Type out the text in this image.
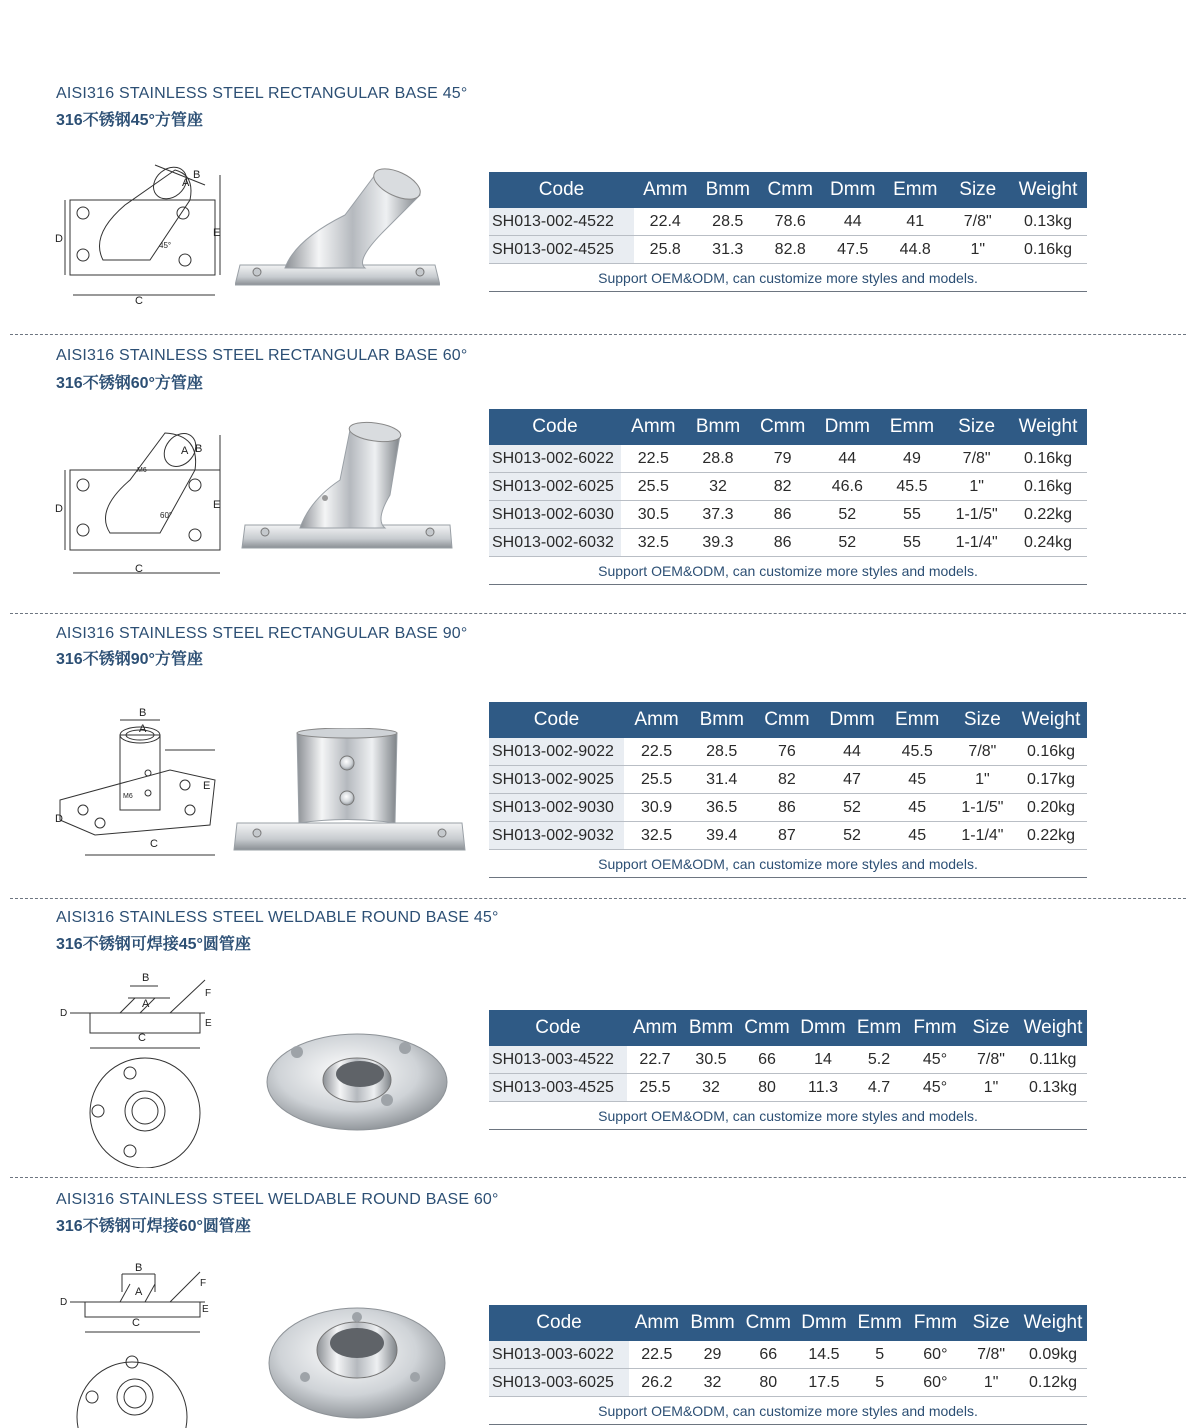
AISI316 STAINLESS STEEL RECTANGULAR BASE 45°
316不锈钢45°方管座
A
B
C
D	E
45°
Code	Amm	Bmm	Cmm	Dmm	Emm	Size	Weight
SH013-002-4522	22.4	28.5	78.6	44	41	7/8"	0.13kg
SH013-002-4525	25.8	31.3	82.8	47.5	44.8	1"	0.16kg
Support OEM&ODM, can customize more styles and models.							
AISI316 STAINLESS STEEL RECTANGULAR BASE 60°
316不锈钢60°方管座
A B
C
D	E
60°
M6
Code	Amm	Bmm	Cmm	Dmm	Emm	Size	Weight
SH013-002-6022	22.5	28.8	79	44	49	7/8"	0.16kg
SH013-002-6025	25.5	32	82	46.6	45.5	1"	0.16kg
SH013-002-6030	30.5	37.3	86	52	55	1-1/5"	0.22kg
SH013-002-6032	32.5	39.3	86	52	55	1-1/4"	0.24kg
Support OEM&ODM, can customize more styles and models.							
AISI316 STAINLESS STEEL RECTANGULAR BASE 90°
316不锈钢90°方管座
B
A
C
D
E
M6
Code	Amm	Bmm	Cmm	Dmm	Emm	Size	Weight
SH013-002-9022	22.5	28.5	76	44	45.5	7/8"	0.16kg
SH013-002-9025	25.5	31.4	82	47	45	1"	0.17kg
SH013-002-9030	30.9	36.5	86	52	45	1-1/5"	0.20kg
SH013-002-9032	32.5	39.4	87	52	45	1-1/4"	0.22kg
Support OEM&ODM, can customize more styles and models.							
AISI316 STAINLESS STEEL WELDABLE ROUND BASE 45°
316不锈钢可焊接45°圆管座
B
A
C
D
E
F
Code	Amm	Bmm	Cmm	Dmm	Emm	Fmm	Size	Weight
SH013-003-4522	22.7	30.5	66	14	5.2	45°	7/8"	0.11kg
SH013-003-4525	25.5	32	80	11.3	4.7	45°	1"	0.13kg
Support OEM&ODM, can customize more styles and models.								
AISI316 STAINLESS STEEL WELDABLE ROUND BASE 60°
316不锈钢可焊接60°圆管座
B
A
C
D
E
F
Code	Amm	Bmm	Cmm	Dmm	Emm	Fmm	Size	Weight
SH013-003-6022	22.5	29	66	14.5	5	60°	7/8"	0.09kg
SH013-003-6025	26.2	32	80	17.5	5	60°	1"	0.12kg
Support OEM&ODM, can customize more styles and models.								
